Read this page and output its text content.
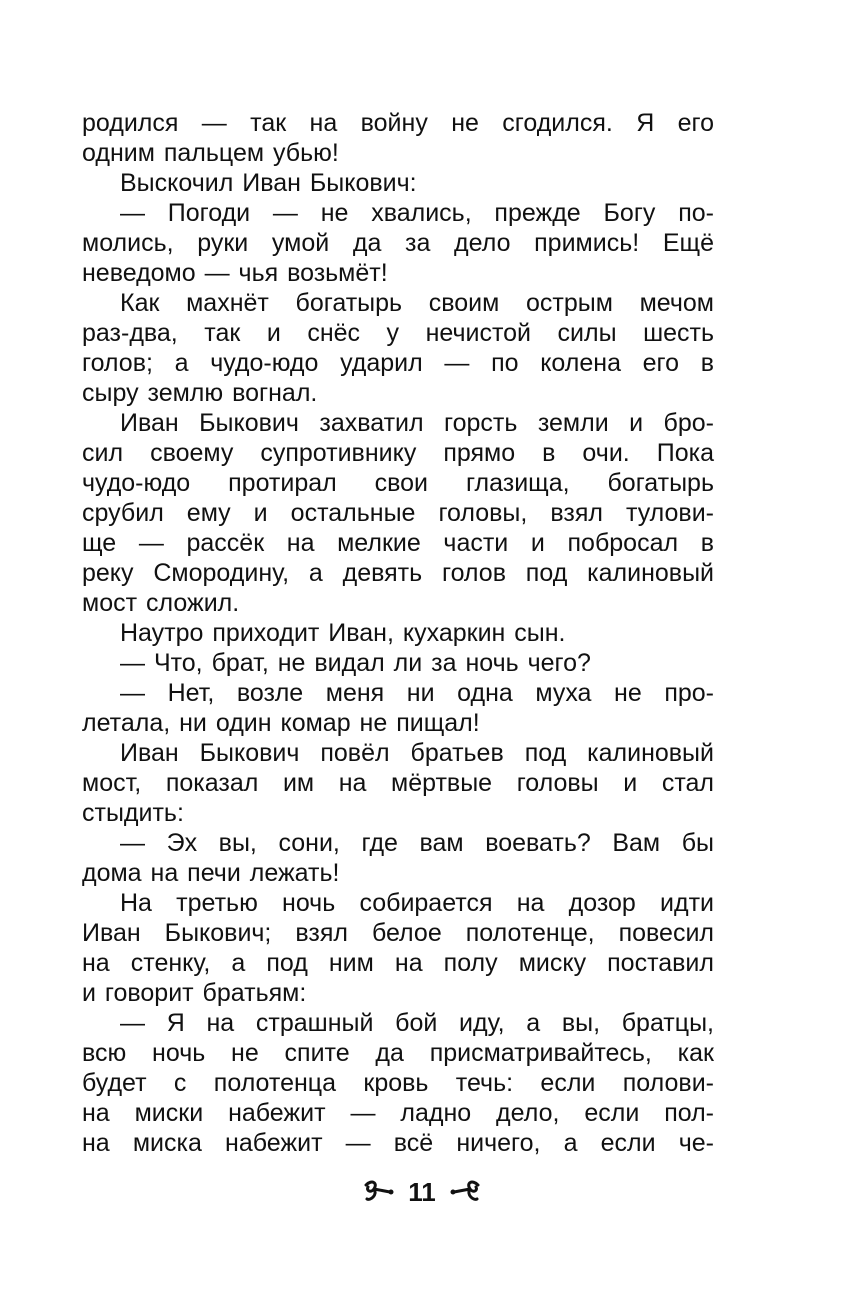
родился — так на войну не сгодился. Я его
одним пальцем убью!
Выскочил Иван Быкович:
— Погоди — не хвались, прежде Богу по-
молись, руки умой да за дело примись! Ещё
неведомо — чья возьмёт!
Как махнёт богатырь своим острым мечом
раз-два, так и снёс у нечистой силы шесть
голов; а чудо-юдо ударил — по колена его в
сыру землю вогнал.
Иван Быкович захватил горсть земли и бро-
сил своему супротивнику прямо в очи. Пока
чудо-юдо протирал свои глазища, богатырь
срубил ему и остальные головы, взял тулови-
ще — рассёк на мелкие части и побросал в
реку Смородину, а девять голов под калиновый
мост сложил.
Наутро приходит Иван, кухаркин сын.
— Что, брат, не видал ли за ночь чего?
— Нет, возле меня ни одна муха не про-
летала, ни один комар не пищал!
Иван Быкович повёл братьев под калиновый
мост, показал им на мёртвые головы и стал
стыдить:
— Эх вы, сони, где вам воевать? Вам бы
дома на печи лежать!
На третью ночь собирается на дозор идти
Иван Быкович; взял белое полотенце, повесил
на стенку, а под ним на полу миску поставил
и говорит братьям:
— Я на страшный бой иду, а вы, братцы,
всю ночь не спите да присматривайтесь, как
будет с полотенца кровь течь: если полови-
на миски набежит — ладно дело, если пол-
на миска набежит — всё ничего, а если че-
11
